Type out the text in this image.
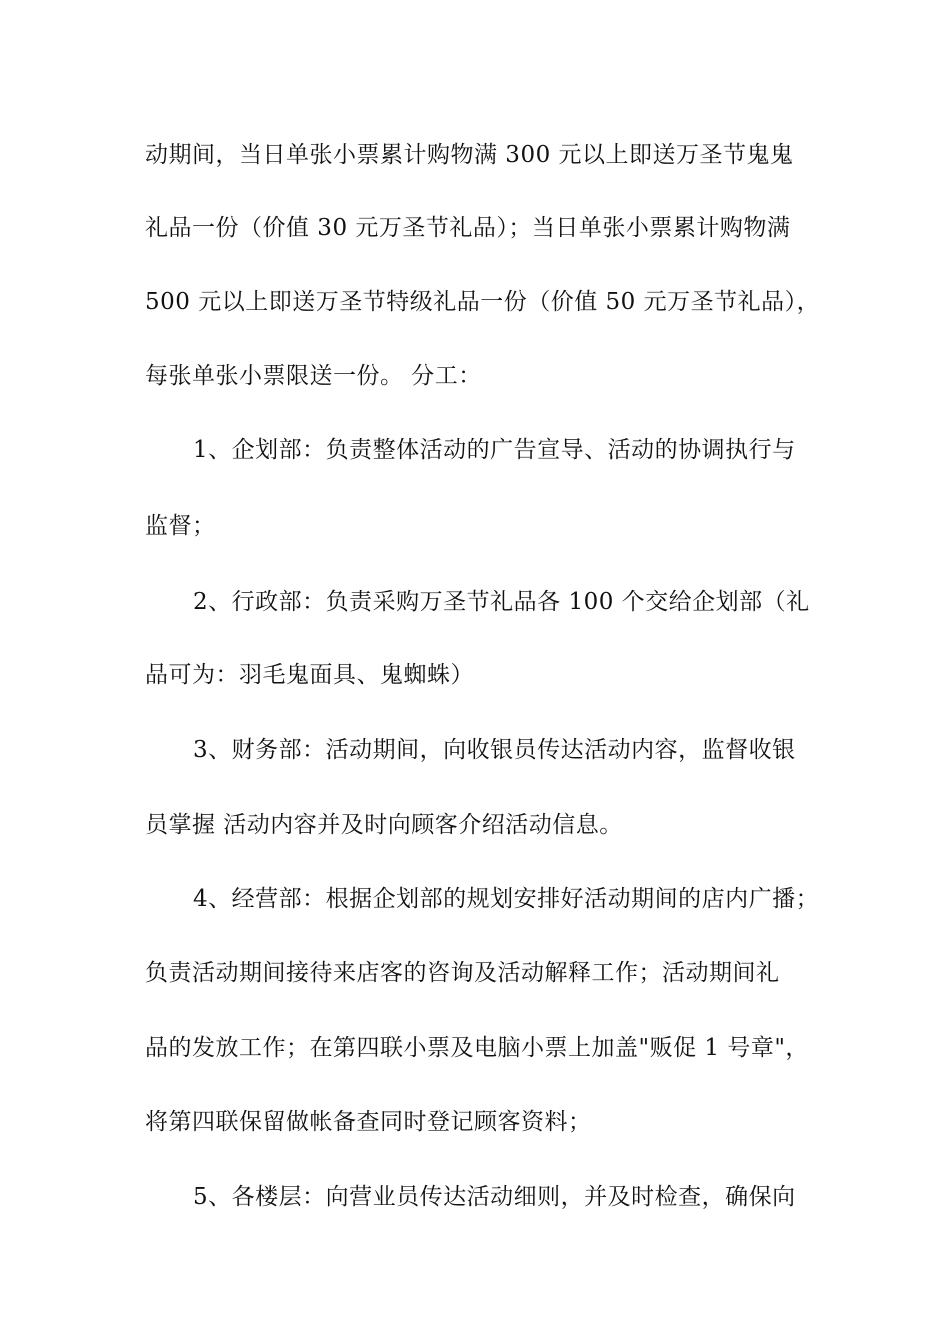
动期间，当日单张小票累计购物满 300 元以上即送万圣节鬼鬼
礼品一份（价值 30 元万圣节礼品）；当日单张小票累计购物满
500 元以上即送万圣节特级礼品一份（价值 50 元万圣节礼品），
每张单张小票限送一份。 分工：
1、企划部：负责整体活动的广告宣导、活动的协调执行与
监督；
2、行政部：负责采购万圣节礼品各 100 个交给企划部（礼
品可为：羽毛鬼面具、鬼蜘蛛）
3、财务部：活动期间，向收银员传达活动内容，监督收银
员掌握 活动内容并及时向顾客介绍活动信息。
4、经营部：根据企划部的规划安排好活动期间的店内广播；
负责活动期间接待来店客的咨询及活动解释工作；活动期间礼
品的发放工作；在第四联小票及电脑小票上加盖"贩促 1 号章"，
将第四联保留做帐备查同时登记顾客资料；
5、各楼层：向营业员传达活动细则，并及时检查，确保向
